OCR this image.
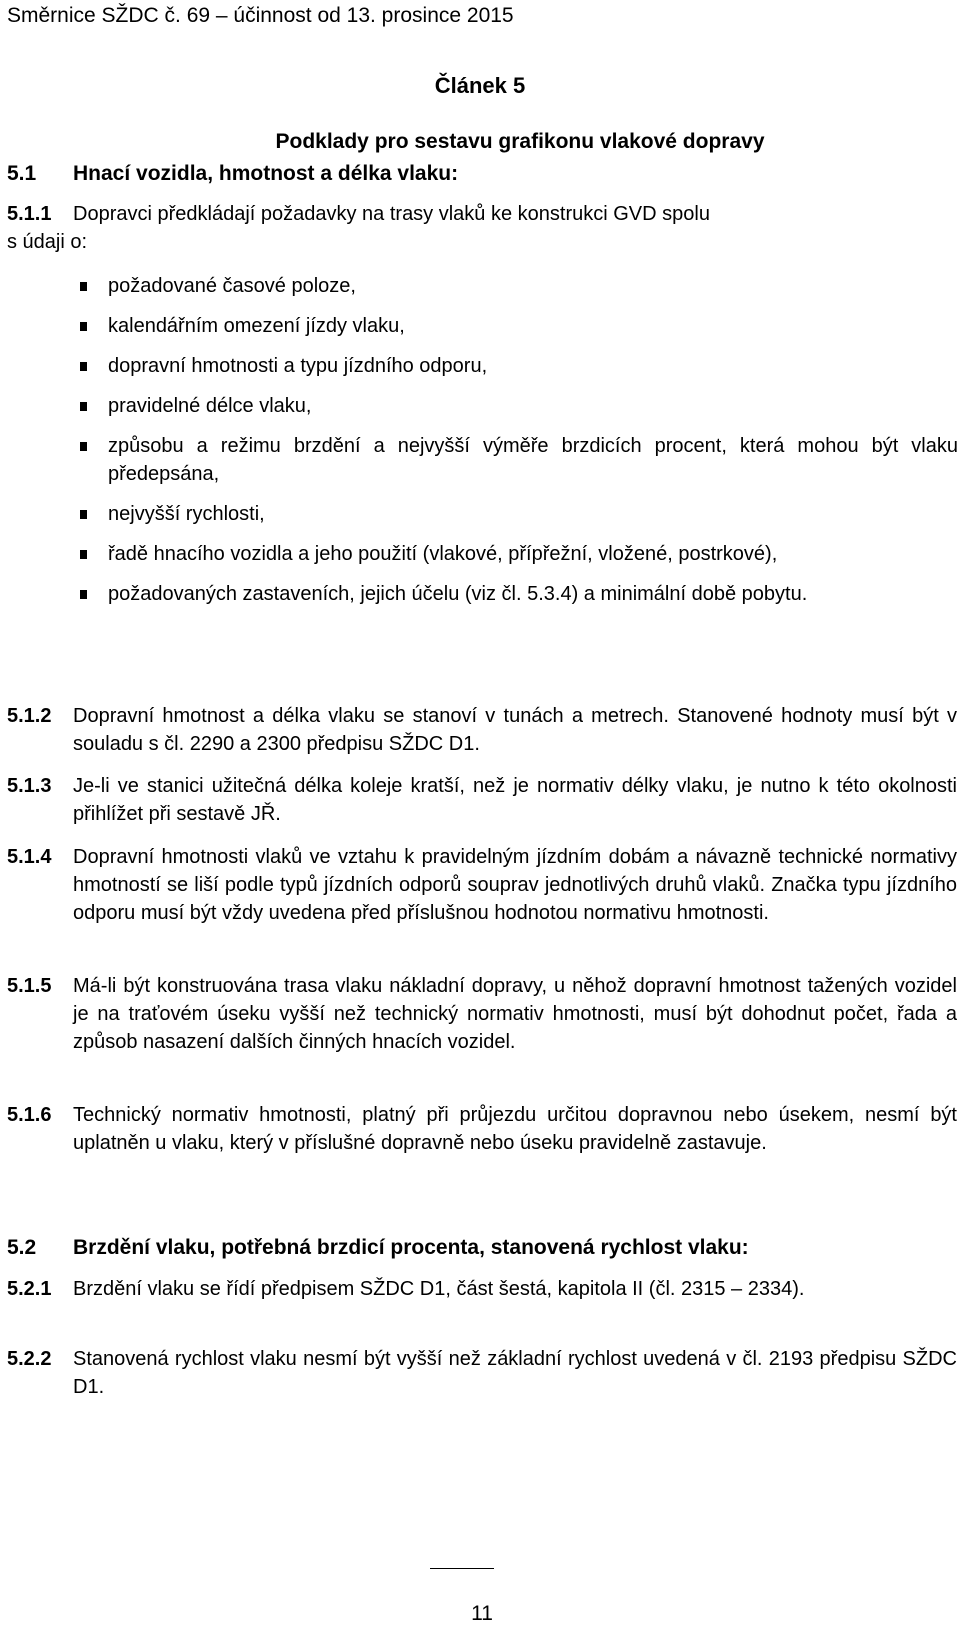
Směrnice SŽDC č. 69 – účinnost od 13. prosince 2015
Článek 5
Podklady pro sestavu grafikonu vlakové dopravy
5.1	Hnací vozidla, hmotnost a délka vlaku:
5.1.1	Dopravci předkládají požadavky na trasy vlaků ke konstrukci GVD spolu
s údaji o:
požadované časové poloze,
kalendářním omezení jízdy vlaku,
dopravní hmotnosti a typu jízdního odporu,
pravidelné délce vlaku,
způsobu a režimu brzdění a nejvyšší výměře brzdicích procent, která mohou být vlaku předepsána,
nejvyšší rychlosti,
řadě hnacího vozidla a jeho použití (vlakové, přípřežní, vložené, postrkové),
požadovaných zastaveních, jejich účelu (viz čl. 5.3.4) a minimální době pobytu.
5.1.2	Dopravní hmotnost a délka vlaku se stanoví v tunách a metrech. Stanovené hodnoty musí být v souladu s čl. 2290 a 2300 předpisu SŽDC D1.
5.1.3	Je-li ve stanici užitečná délka koleje kratší, než je normativ délky vlaku, je nutno k této okolnosti přihlížet při sestavě JŘ.
5.1.4	Dopravní hmotnosti vlaků ve vztahu k pravidelným jízdním dobám a návazně technické normativy hmotností se liší podle typů jízdních odporů souprav jednotlivých druhů vlaků. Značka typu jízdního odporu musí být vždy uvedena před příslušnou hodnotou normativu hmotnosti.
5.1.5	Má-li být konstruována trasa vlaku nákladní dopravy, u něhož dopravní hmotnost tažených vozidel je na traťovém úseku vyšší než technický normativ hmotnosti, musí být dohodnut počet, řada a způsob nasazení dalších činných hnacích vozidel.
5.1.6	Technický normativ hmotnosti, platný při průjezdu určitou dopravnou nebo úsekem, nesmí být uplatněn u vlaku, který v příslušné dopravně nebo úseku pravidelně zastavuje.
5.2	Brzdění vlaku, potřebná brzdicí procenta, stanovená rychlost vlaku:
5.2.1	Brzdění vlaku se řídí předpisem SŽDC D1, část šestá, kapitola II (čl. 2315 – 2334).
5.2.2	Stanovená rychlost vlaku nesmí být vyšší než základní rychlost uvedená v čl. 2193 předpisu SŽDC D1.
11
